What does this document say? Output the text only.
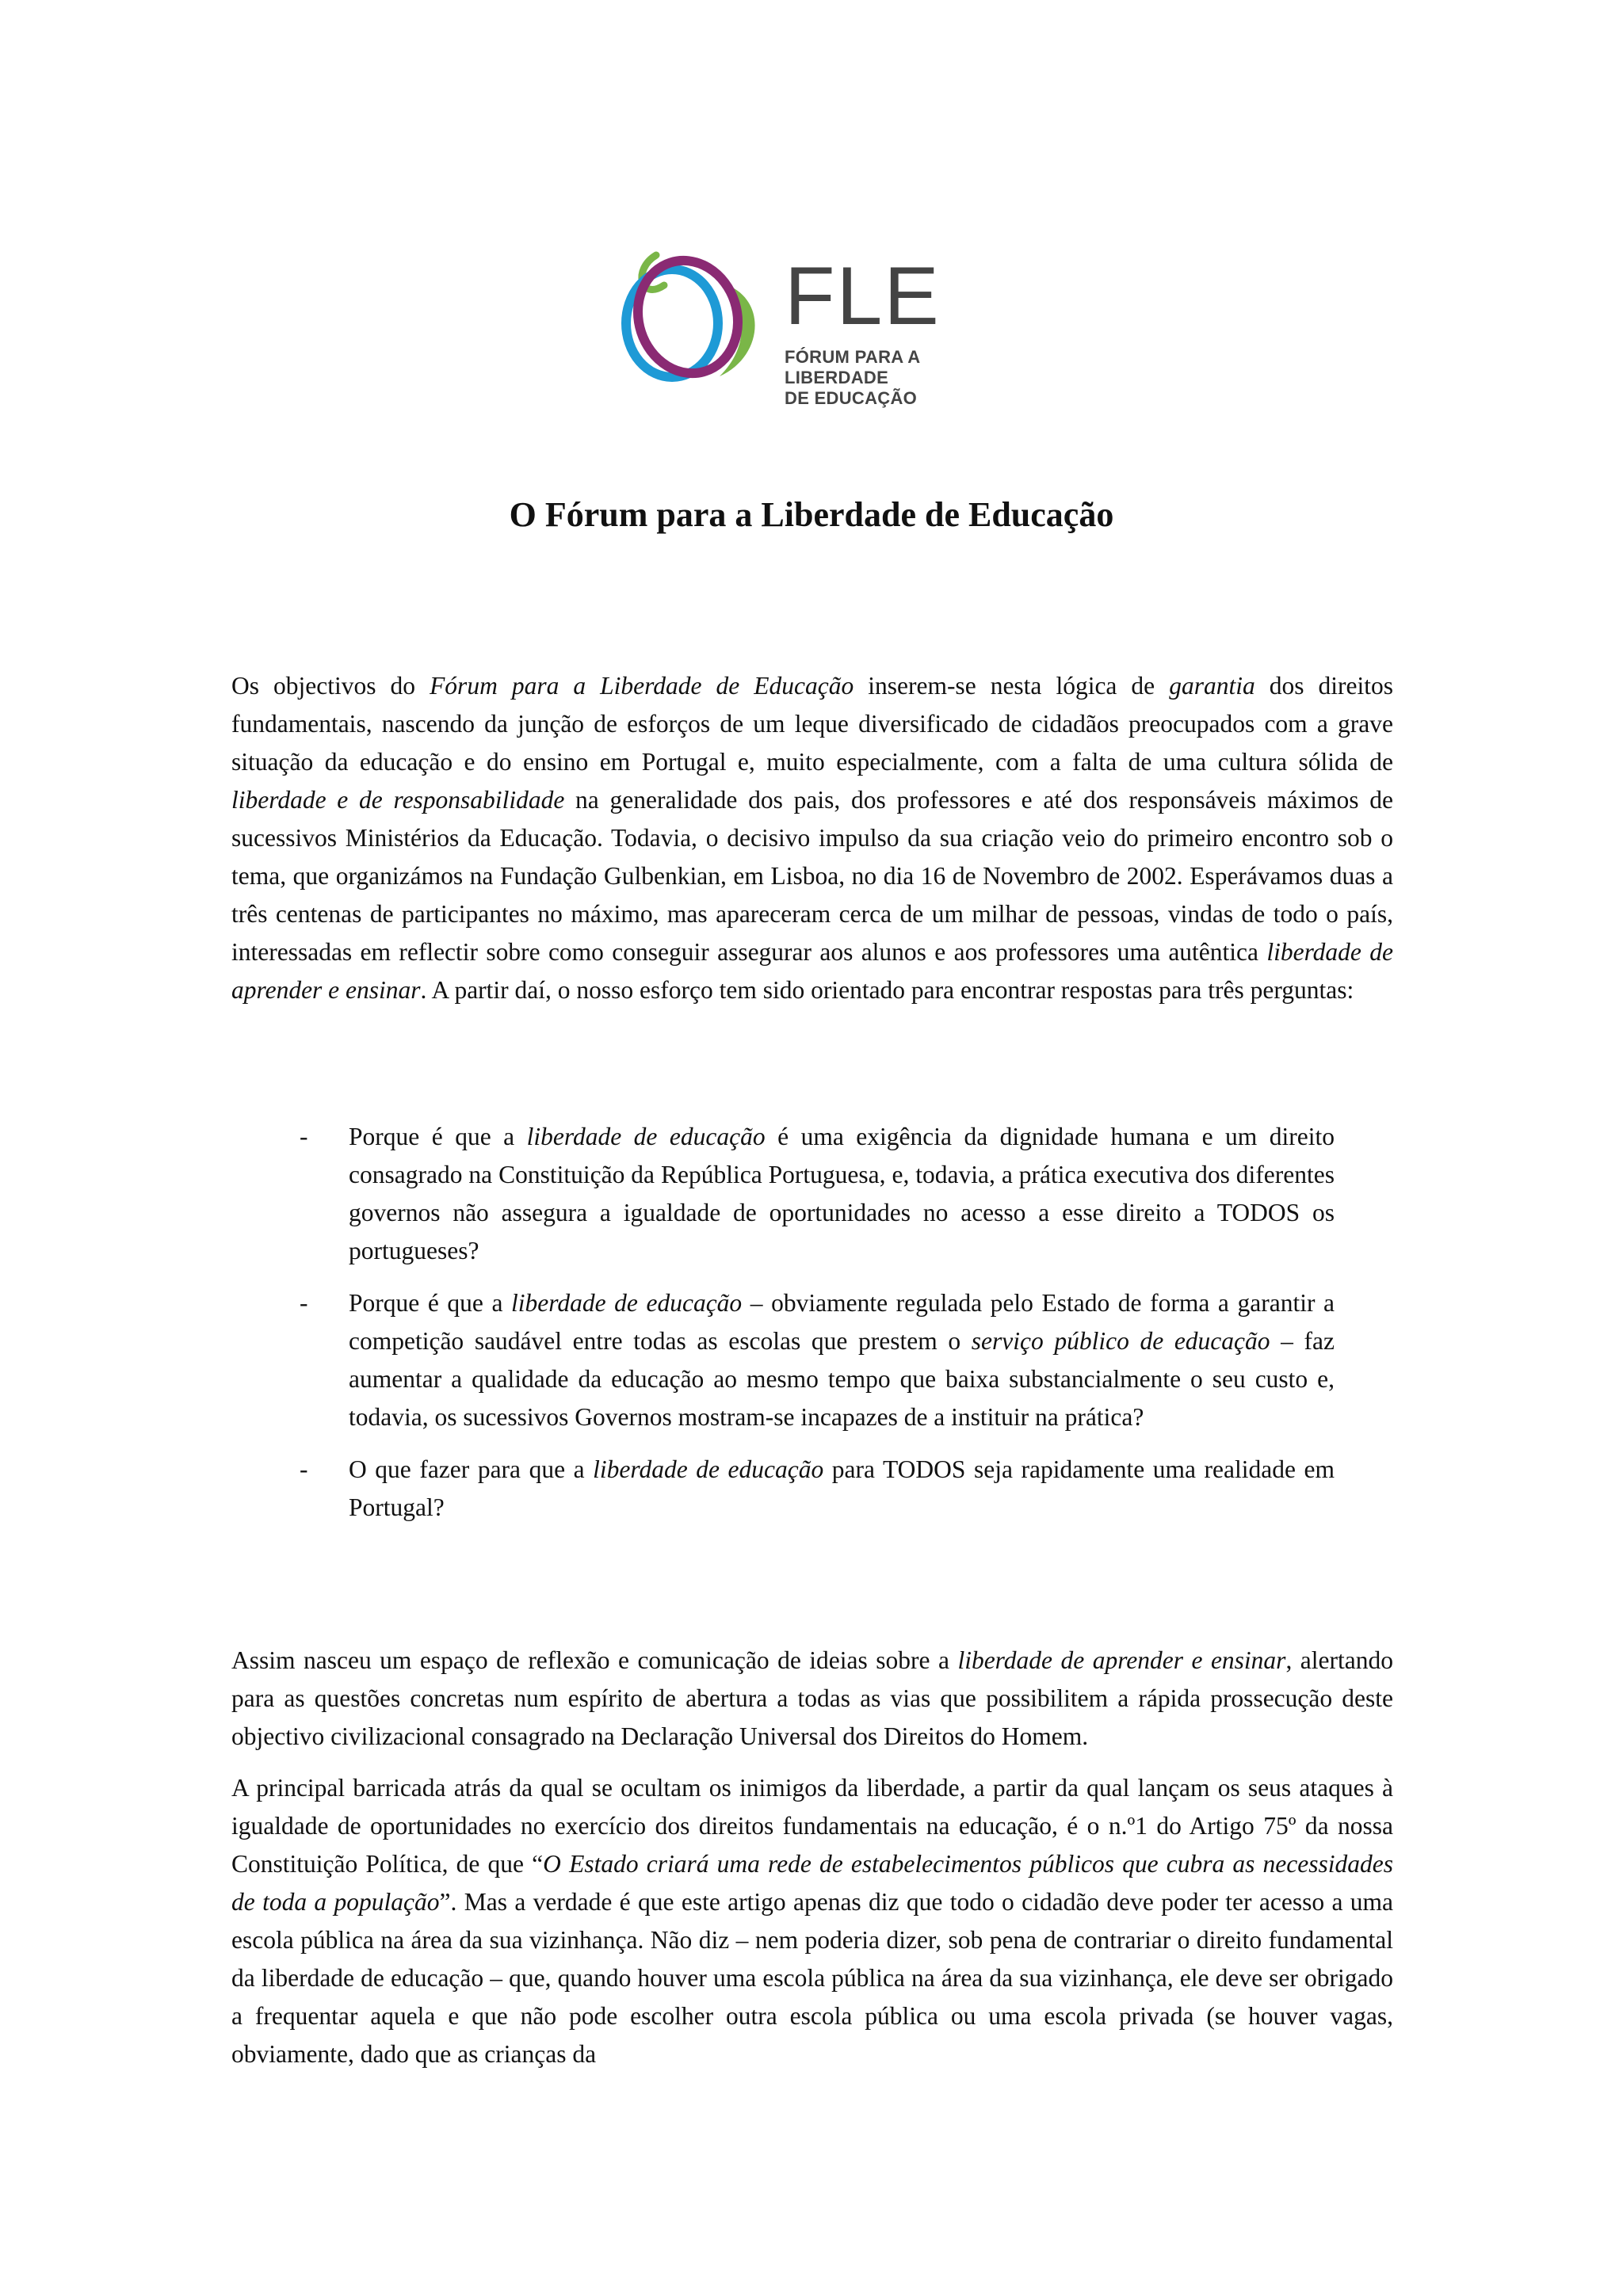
FLE
FÓRUM PARA A LIBERDADE
DE EDUCAÇÃO
O Fórum para a Liberdade de Educação

Os objectivos do Fórum para a Liberdade de Educação inserem-se nesta lógica de garantia dos direitos fundamentais, nascendo da junção de esforços de um leque diversificado de cidadãos preocupados com a grave situação da educação e do ensino em Portugal e, muito especialmente, com a falta de uma cultura sólida de liberdade e de responsabilidade na generalidade dos pais, dos professores e até dos responsáveis máximos de sucessivos Ministérios da Educação. Todavia, o decisivo impulso da sua criação veio do primeiro encontro sob o tema, que organizámos na Fundação Gulbenkian, em Lisboa, no dia 16 de Novembro de 2002. Esperávamos duas a três centenas de participantes no máximo, mas apareceram cerca de um milhar de pessoas, vindas de todo o país, interessadas em reflectir sobre como conseguir assegurar aos alunos e aos professores uma autêntica liberdade de aprender e ensinar. A partir daí, o nosso esforço tem sido orientado para encontrar respostas para três perguntas:

- Porque é que a liberdade de educação é uma exigência da dignidade humana e um direito consagrado na Constituição da República Portuguesa, e, todavia, a prática executiva dos diferentes governos não assegura a igualdade de oportunidades no acesso a esse direito a TODOS os portugueses?
- Porque é que a liberdade de educação – obviamente regulada pelo Estado de forma a garantir a competição saudável entre todas as escolas que prestem o serviço público de educação – faz aumentar a qualidade da educação ao mesmo tempo que baixa substancialmente o seu custo e, todavia, os sucessivos Governos mostram-se incapazes de a instituir na prática?
- O que fazer para que a liberdade de educação para TODOS seja rapidamente uma realidade em Portugal?

Assim nasceu um espaço de reflexão e comunicação de ideias sobre a liberdade de aprender e ensinar, alertando para as questões concretas num espírito de abertura a todas as vias que possibilitem a rápida prossecução deste objectivo civilizacional consagrado na Declaração Universal dos Direitos do Homem.

A principal barricada atrás da qual se ocultam os inimigos da liberdade, a partir da qual lançam os seus ataques à igualdade de oportunidades no exercício dos direitos fundamentais na educação, é o n.º1 do Artigo 75º da nossa Constituição Política, de que “O Estado criará uma rede de estabelecimentos públicos que cubra as necessidades de toda a população”. Mas a verdade é que este artigo apenas diz que todo o cidadão deve poder ter acesso a uma escola pública na área da sua vizinhança. Não diz – nem poderia dizer, sob pena de contrariar o direito fundamental da liberdade de educação – que, quando houver uma escola pública na área da sua vizinhança, ele deve ser obrigado a frequentar aquela e que não pode escolher outra escola pública ou uma escola privada (se houver vagas, obviamente, dado que as crianças da
